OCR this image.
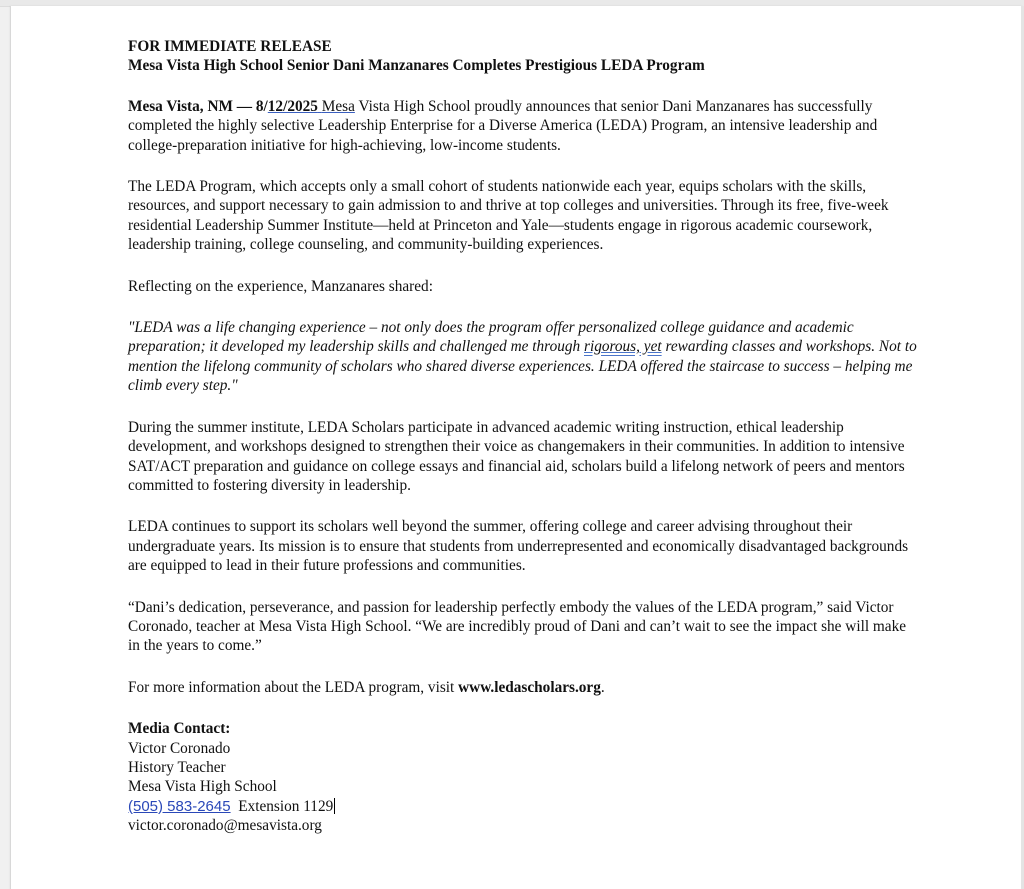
FOR IMMEDIATE RELEASE

Mesa Vista High School Senior Dani Manzanares Completes Prestigious LEDA Program

Mesa Vista, NM — 8/12/2025 Mesa Vista High School proudly announces that senior Dani Manzanares has successfully completed the highly selective Leadership Enterprise for a Diverse America (LEDA) Program, an intensive leadership and college-preparation initiative for high-achieving, low-income students.

The LEDA Program, which accepts only a small cohort of students nationwide each year, equips scholars with the skills, resources, and support necessary to gain admission to and thrive at top colleges and universities. Through its free, five-week residential Leadership Summer Institute—held at Princeton and Yale—students engage in rigorous academic coursework, leadership training, college counseling, and community-building experiences.

Reflecting on the experience, Manzanares shared:

"LEDA was a life changing experience – not only does the program offer personalized college guidance and academic preparation; it developed my leadership skills and challenged me through rigorous, yet rewarding classes and workshops. Not to mention the lifelong community of scholars who shared diverse experiences. LEDA offered the staircase to success – helping me climb every step."

During the summer institute, LEDA Scholars participate in advanced academic writing instruction, ethical leadership development, and workshops designed to strengthen their voice as changemakers in their communities. In addition to intensive SAT/ACT preparation and guidance on college essays and financial aid, scholars build a lifelong network of peers and mentors committed to fostering diversity in leadership.

LEDA continues to support its scholars well beyond the summer, offering college and career advising throughout their undergraduate years. Its mission is to ensure that students from underrepresented and economically disadvantaged backgrounds are equipped to lead in their future professions and communities.

“Dani’s dedication, perseverance, and passion for leadership perfectly embody the values of the LEDA program,” said Victor Coronado, teacher at Mesa Vista High School. “We are incredibly proud of Dani and can’t wait to see the impact she will make in the years to come.”

For more information about the LEDA program, visit www.ledascholars.org.

Media Contact:

Victor Coronado

History Teacher

Mesa Vista High School

(505) 583-2645  Extension 1129

victor.coronado@mesavista.org
